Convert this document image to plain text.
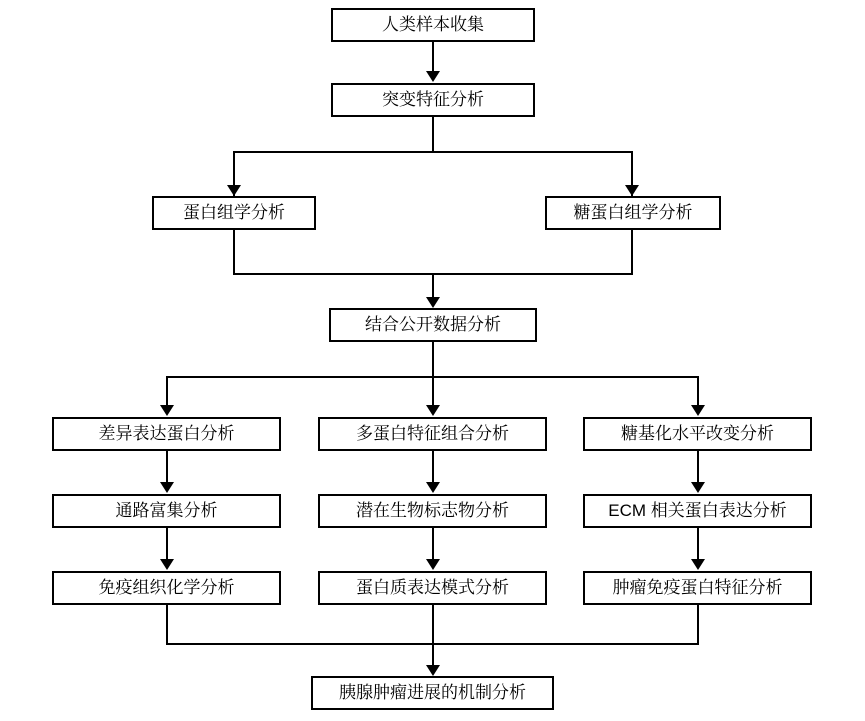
人类样本收集
突变特征分析
蛋白组学分析	糖蛋白组学分析
结合公开数据分析
差异表达蛋白分析	多蛋白特征组合分析	糖基化水平改变分析
通路富集分析	潜在生物标志物分析	ECM 相关蛋白表达分析
免疫组织化学分析	蛋白质表达模式分析	肿瘤免疫蛋白特征分析
胰腺肿瘤进展的机制分析
